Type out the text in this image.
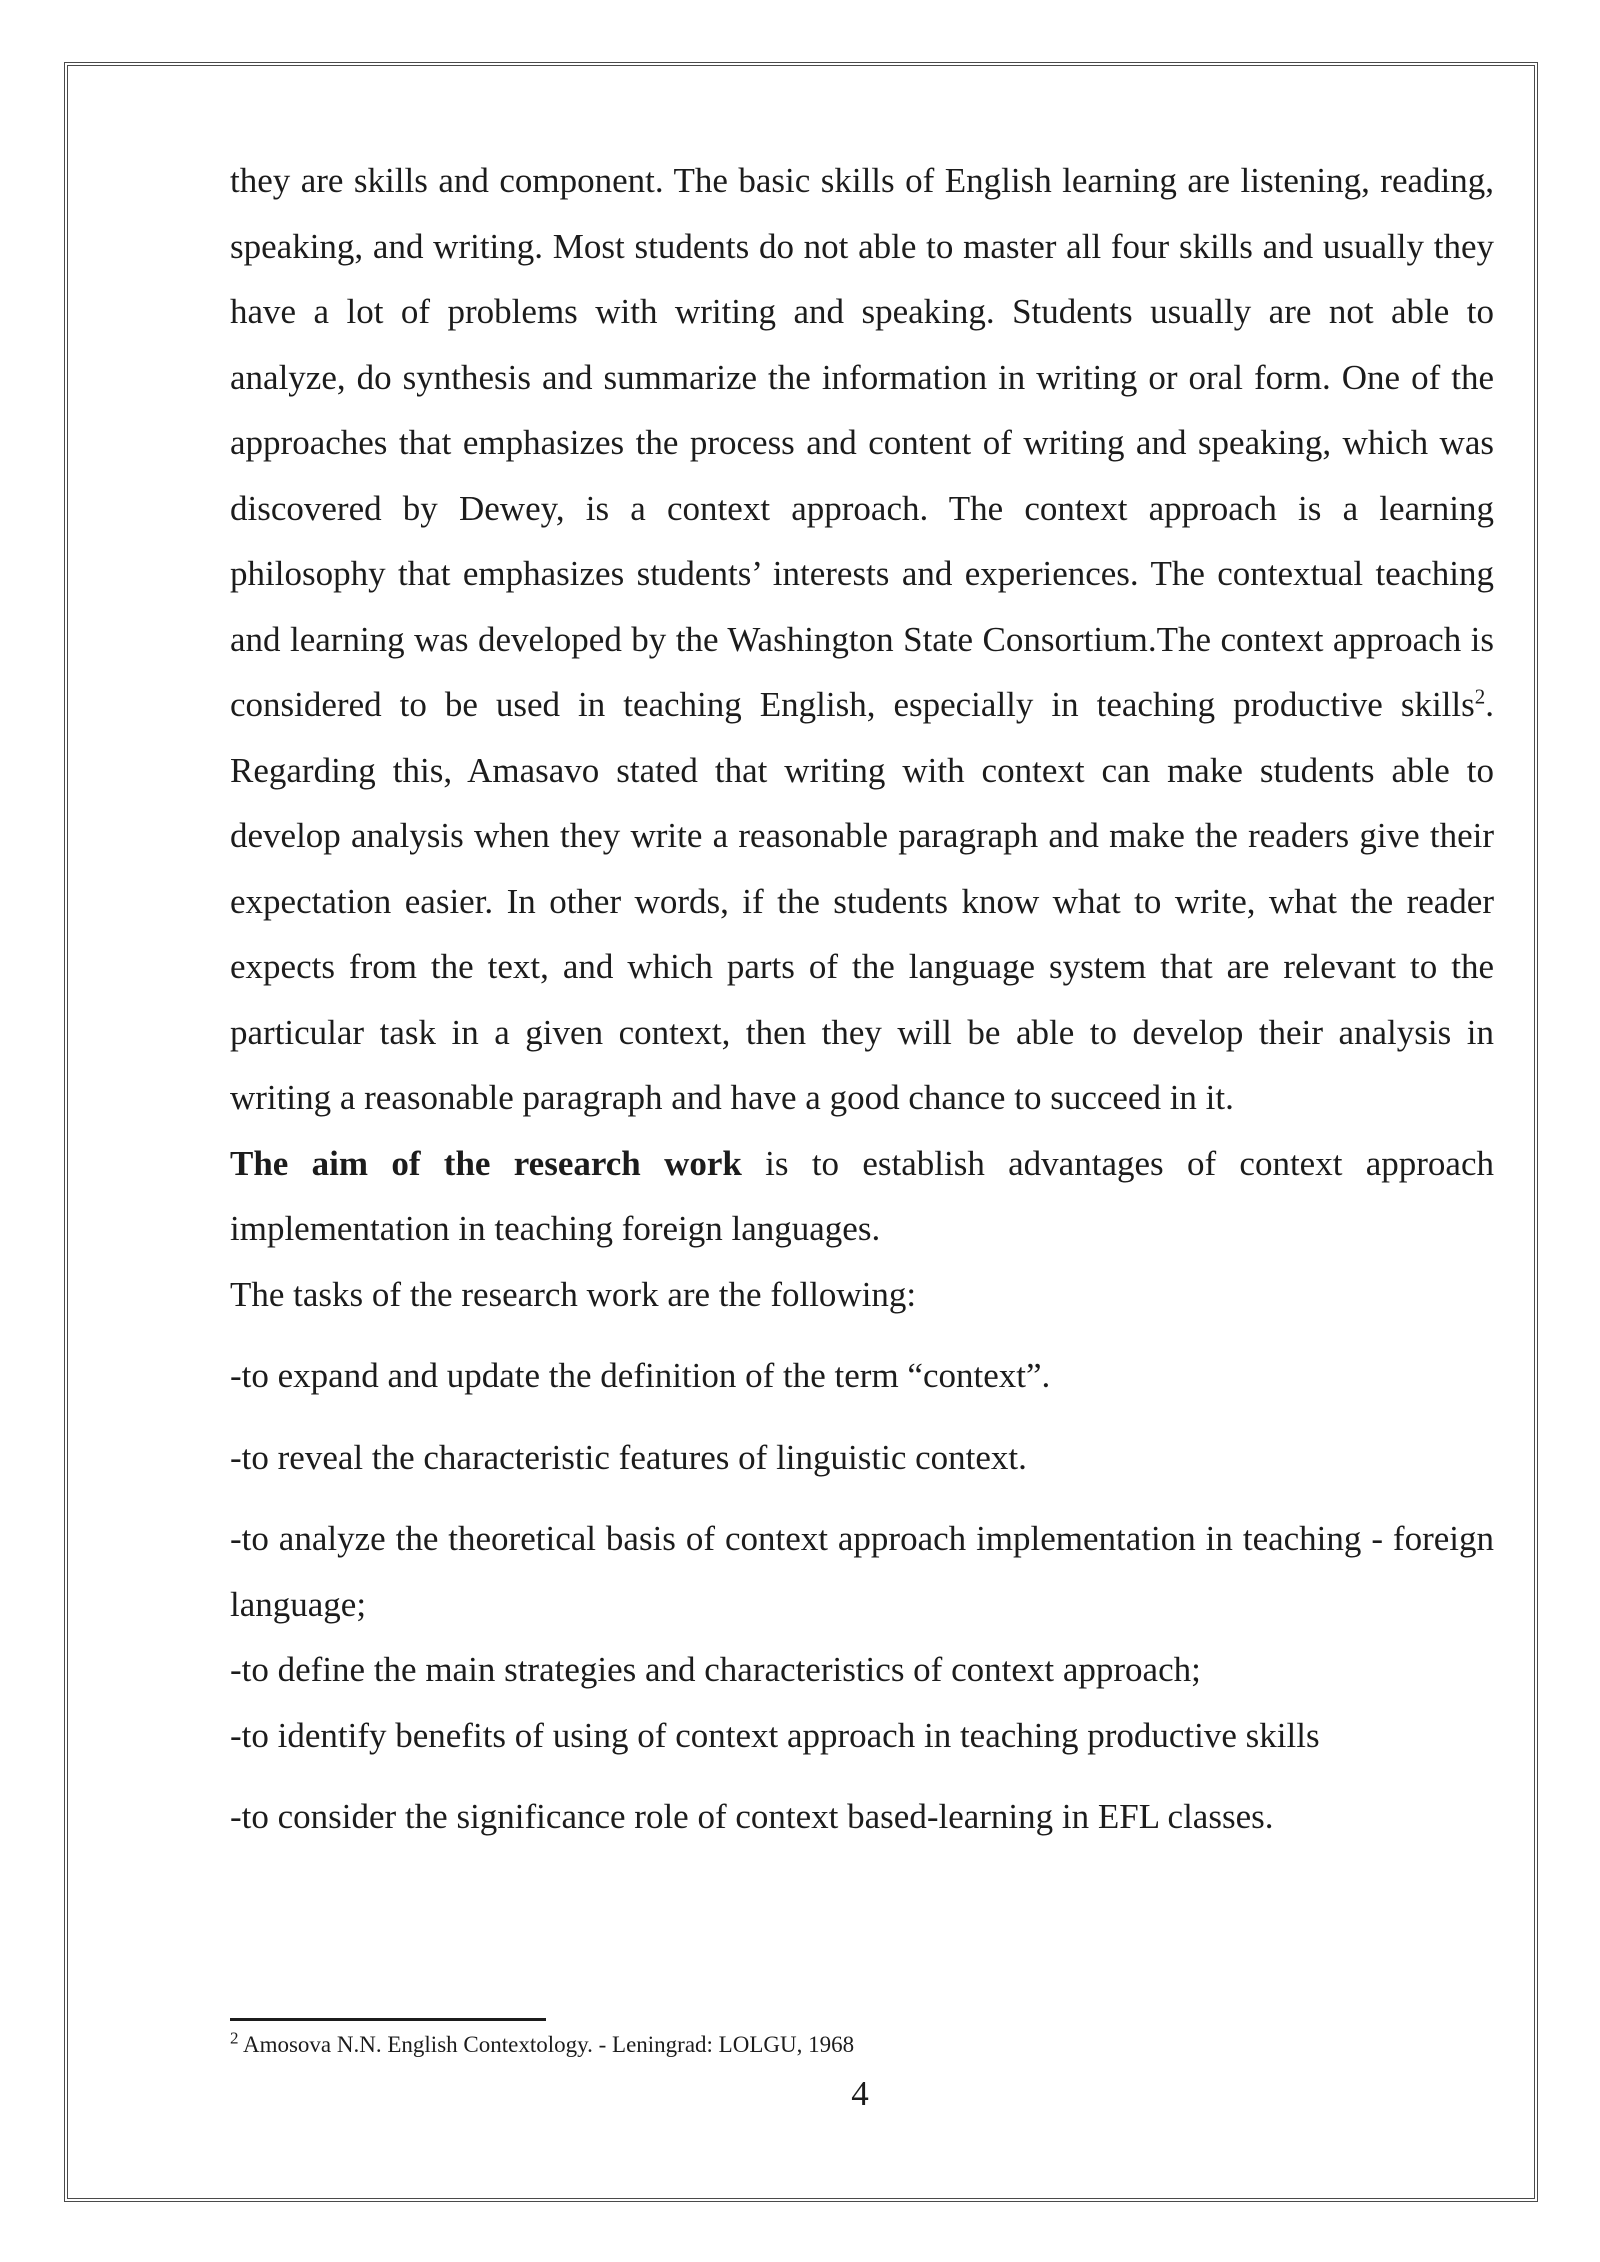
they are skills and component. The basic skills of English learning are listening, reading, speaking, and writing. Most students do not able to master all four skills and usually they have a lot of problems with writing and speaking. Students usually are not able to analyze, do synthesis and summarize the information in writing or oral form. One of the approaches that emphasizes the process and content of writing and speaking, which was discovered by Dewey, is a context approach. The context approach is a learning philosophy that emphasizes students’ interests and experiences. The contextual teaching and learning was developed by the Washington State Consortium.The context approach is considered to be used in teaching English, especially in teaching productive skills$^2$. Regarding this, Amasavo stated that writing with context can make students able to develop analysis when they write a reasonable paragraph and make the readers give their expectation easier. In other words, if the students know what to write, what the reader expects from the text, and which parts of the language system that are relevant to the particular task in a given context, then they will be able to develop their analysis in writing a reasonable paragraph and have a good chance to succeed in it.

The aim of the research work is to establish advantages of context approach implementation in teaching foreign languages.

The tasks of the research work are the following:

-to expand and update the definition of the term “context”.
-to reveal the characteristic features of linguistic context.
-to analyze the theoretical basis of context approach implementation in teaching - foreign language;
-to define the main strategies and characteristics of context approach;
-to identify benefits of using of context approach in teaching productive skills
-to consider the significance role of context based-learning in EFL classes.
$^2$ Amosova N.N. English Contextology. - Leningrad: LOLGU, 1968
4
